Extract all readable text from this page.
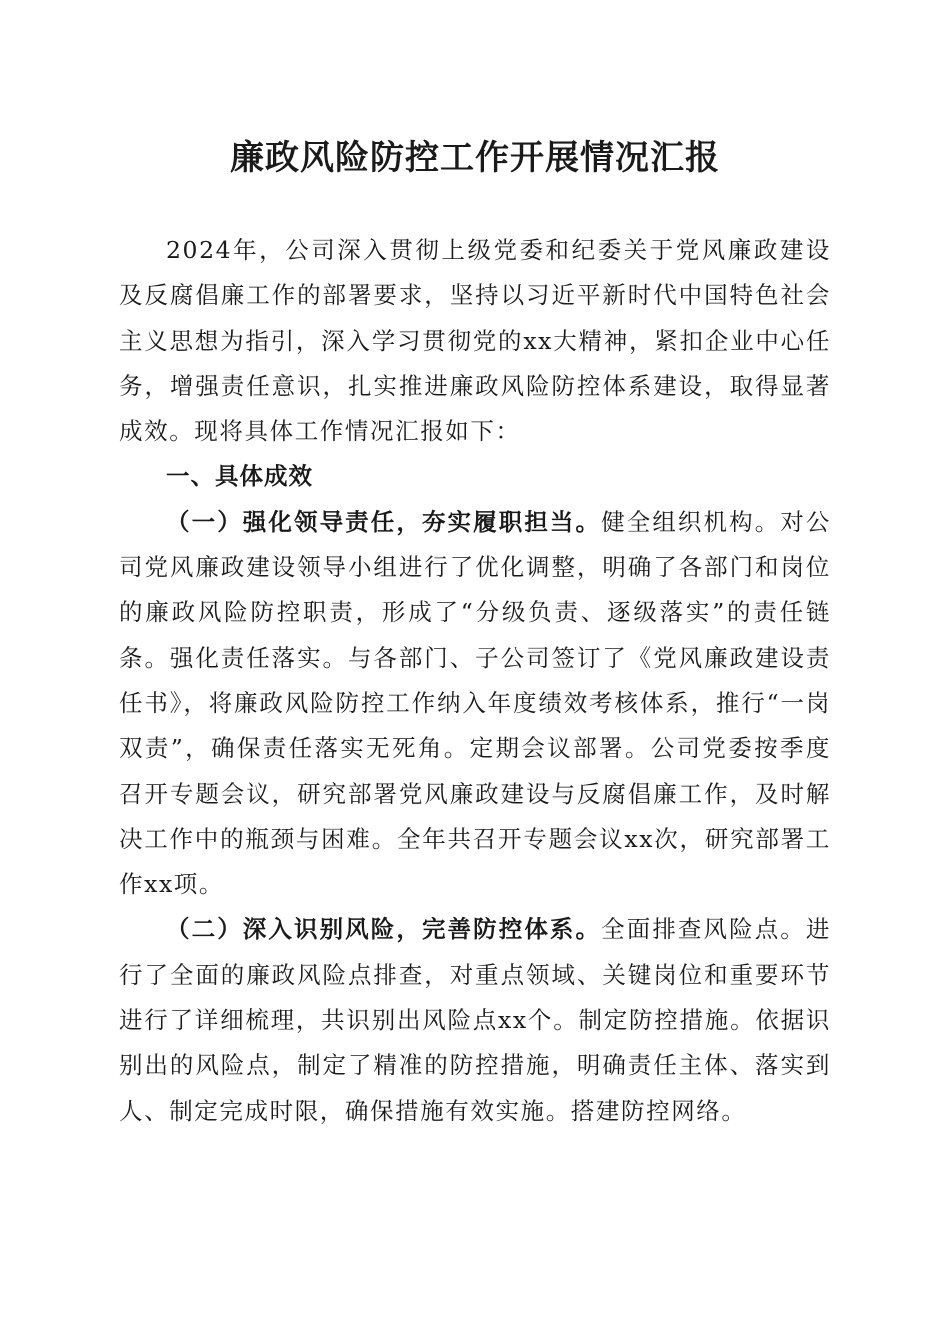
廉政风险防控工作开展情况汇报

2024年，公司深入贯彻上级党委和纪委关于党风廉政建设及反腐倡廉工作的部署要求，坚持以习近平新时代中国特色社会主义思想为指引，深入学习贯彻党的xx大精神，紧扣企业中心任务，增强责任意识，扎实推进廉政风险防控体系建设，取得显著成效。现将具体工作情况汇报如下：

一、具体成效

（一）强化领导责任，夯实履职担当。健全组织机构。对公司党风廉政建设领导小组进行了优化调整，明确了各部门和岗位的廉政风险防控职责，形成了“分级负责、逐级落实”的责任链条。强化责任落实。与各部门、子公司签订了《党风廉政建设责任书》，将廉政风险防控工作纳入年度绩效考核体系，推行“一岗双责”，确保责任落实无死角。定期会议部署。公司党委按季度召开专题会议，研究部署党风廉政建设与反腐倡廉工作，及时解决工作中的瓶颈与困难。全年共召开专题会议xx次，研究部署工作xx项。

（二）深入识别风险，完善防控体系。全面排查风险点。进行了全面的廉政风险点排查，对重点领域、关键岗位和重要环节进行了详细梳理，共识别出风险点xx个。制定防控措施。依据识别出的风险点，制定了精准的防控措施，明确责任主体、落实到人、制定完成时限，确保措施有效实施。搭建防控网络。
